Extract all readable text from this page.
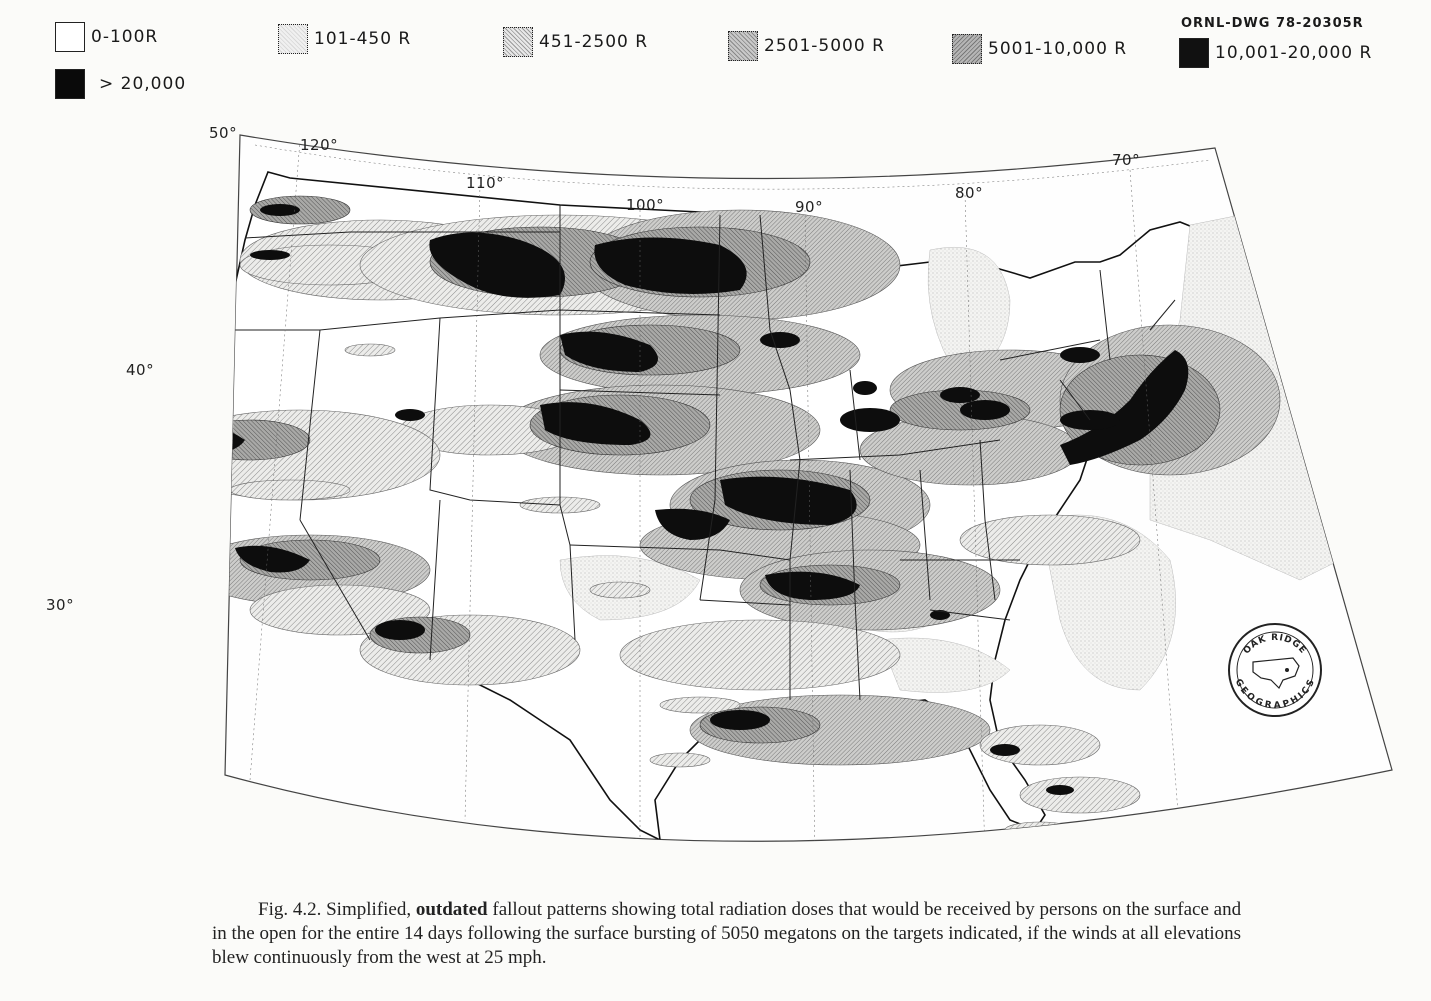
0-100R
> 20,000
101-450 R	451-2500 R	2501-5000 R	5001-10,000 R	10,001-20,000 R
ORNL-DWG 78-20305R
50°
40°
30°
120°
110°
100°	90°
80°
70°
OAK RIDGE
GEOGRAPHICS
Fig. 4.2. Simplified, outdated fallout patterns showing total radiation doses that would be received by persons on the surface and in the open for the entire 14 days following the surface bursting of 5050 megatons on the targets indicated, if the winds at all elevations blew continuously from the west at 25 mph.
